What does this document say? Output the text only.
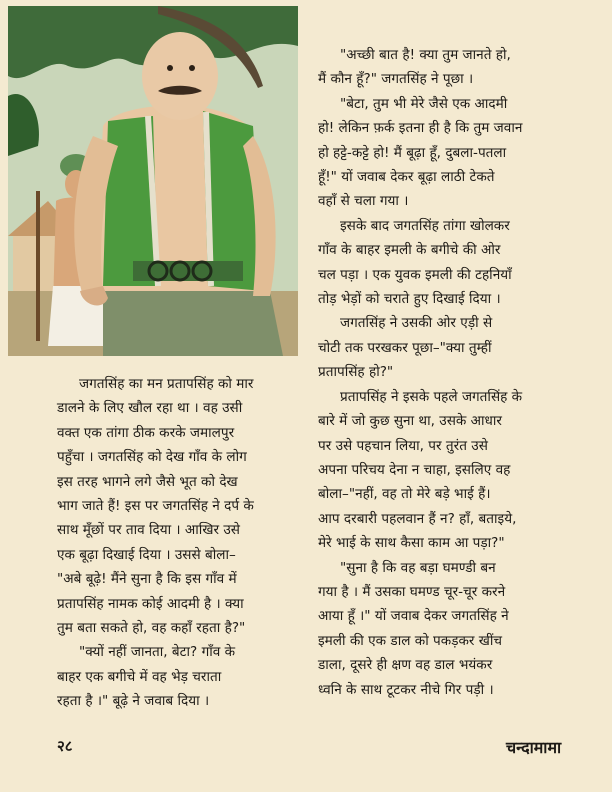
जगतसिंह का मन प्रतापसिंह को मार

डालने के लिए खौल रहा था । वह उसी

वक्त एक तांगा ठीक करके जमालपुर

पहुँचा । जगतसिंह को देख गाँव के लोग

इस तरह भागने लगे जैसे भूत को देख

भाग जाते हैं! इस पर जगतसिंह ने दर्प के

साथ मूँछों पर ताव दिया । आखिर उसे

एक बूढ़ा दिखाई दिया । उससे बोला–

"अबे बूढ़े! मैंने सुना है कि इस गाँव में

प्रतापसिंह नामक कोई आदमी है । क्या

तुम बता सकते हो, वह कहाँ रहता है?"

"क्यों नहीं जानता, बेटा? गाँव के

बाहर एक बगीचे में वह भेड़ चराता

रहता है ।" बूढ़े ने जवाब दिया ।

"अच्छी बात है! क्या तुम जानते हो,

मैं कौन हूँ?" जगतसिंह ने पूछा ।

"बेटा, तुम भी मेरे जैसे एक आदमी

हो! लेकिन फ़र्क इतना ही है कि तुम जवान

हो हट्टे-कट्टे हो! मैं बूढ़ा हूँ, दुबला-पतला

हूँ!" यों जवाब देकर बूढ़ा लाठी टेकते

वहाँ से चला गया ।

इसके बाद जगतसिंह तांगा खोलकर

गाँव के बाहर इमली के बगीचे की ओर

चल पड़ा । एक युवक इमली की टहनियाँ

तोड़ भेड़ों को चराते हुए दिखाई दिया ।

जगतसिंह ने उसकी ओर एड़ी से

चोटी तक परखकर पूछा–"क्या तुम्हीं

प्रतापसिंह हो?"

प्रतापसिंह ने इसके पहले जगतसिंह के

बारे में जो कुछ सुना था, उसके आधार

पर उसे पहचान लिया, पर तुरंत उसे

अपना परिचय देना न चाहा, इसलिए वह

बोला–"नहीं, वह तो मेरे बड़े भाई हैं।

आप दरबारी पहलवान हैं न? हाँ, बताइये,

मेरे भाई के साथ कैसा काम आ पड़ा?"

"सुना है कि वह बड़ा घमण्डी बन

गया है । मैं उसका घमण्ड चूर-चूर करने

आया हूँ ।" यों जवाब देकर जगतसिंह ने

इमली की एक डाल को पकड़कर खींच

डाला, दूसरे ही क्षण वह डाल भयंकर

ध्वनि के साथ टूटकर नीचे गिर पड़ी ।

२८	चन्दामामा
